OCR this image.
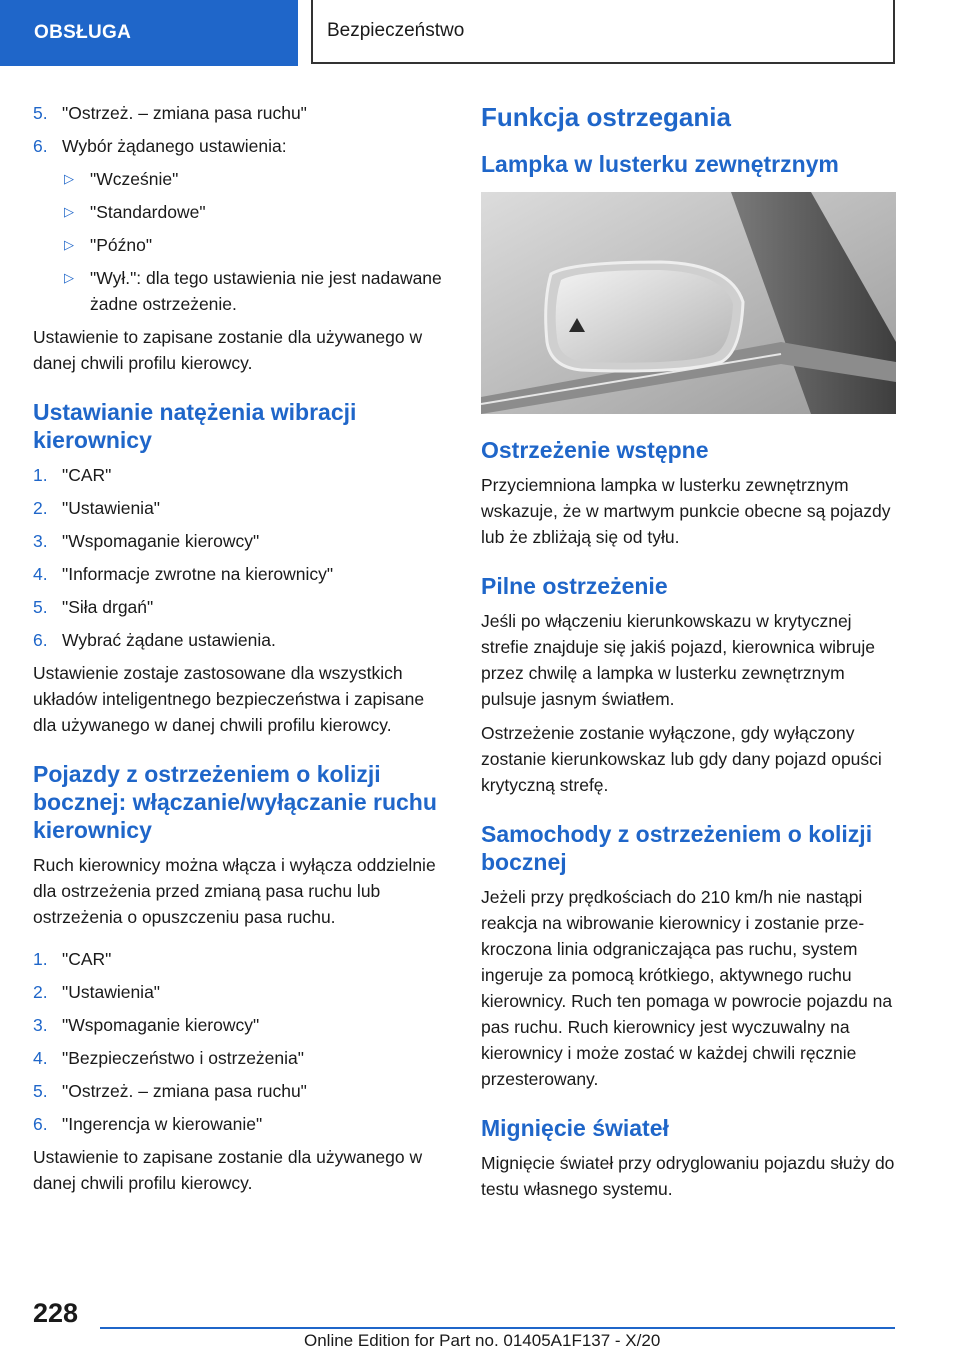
OBSŁUGA	Bezpieczeństwo
5. "Ostrzeż. – zmiana pasa ruchu"
6. Wybór żądanego ustawienia:
▷ "Wcześnie"
▷ "Standardowe"
▷ "Późno"
▷ "Wył.": dla tego ustawienia nie jest nadawane żadne ostrzeżenie.

Ustawienie to zapisane zostanie dla używanego w danej chwili profilu kierowcy.

Ustawianie natężenia wibracji kierownicy
1. "CAR"
2. "Ustawienia"
3. "Wspomaganie kierowcy"
4. "Informacje zwrotne na kierownicy"
5. "Siła drgań"
6. Wybrać żądane ustawienia.

Ustawienie zostaje zastosowane dla wszystkich układów inteligentnego bezpieczeństwa i zapisane dla używanego w danej chwili profilu kierowcy.

Pojazdy z ostrzeżeniem o kolizji bocznej: włączanie/wyłączanie ruchu kierownicy

Ruch kierownicy można włącza i wyłącza oddzielnie dla ostrzeżenia przed zmianą pasa ruchu lub ostrzeżenia o opuszczeniu pasa ruchu.

1. "CAR"
2. "Ustawienia"
3. "Wspomaganie kierowcy"
4. "Bezpieczeństwo i ostrzeżenia"
5. "Ostrzeż. – zmiana pasa ruchu"
6. "Ingerencja w kierowanie"

Ustawienie to zapisane zostanie dla używanego w danej chwili profilu kierowcy.

Funkcja ostrzegania
Lampka w lusterku zewnętrznym
Ostrzeżenie wstępne

Przyciemniona lampka w lusterku zewnętrznym wskazuje, że w martwym punkcie obecne są pojazdy lub że zbliżają się od tyłu.

Pilne ostrzeżenie

Jeśli po włączeniu kierunkowskazu w krytycznej strefie znajduje się jakiś pojazd, kierownica wibruje przez chwilę a lampka w lusterku zewnętrznym pulsuje jasnym światłem.

Ostrzeżenie zostanie wyłączone, gdy wyłączony zostanie kierunkowskaz lub gdy dany pojazd opuści krytyczną strefę.

Samochody z ostrzeżeniem o kolizji bocznej

Jeżeli przy prędkościach do 210 km/h nie nastąpi reakcja na wibrowanie kierownicy i zostanie przekroczona linia odgraniczająca pas ruchu, system ingeruje za pomocą krótkiego, aktywnego ruchu kierownicy. Ruch ten pomaga w powrocie pojazdu na pas ruchu. Ruch kierownicy jest wyczuwalny na kierownicy i może zostać w każdej chwili ręcznie przesterowany.

Mignięcie świateł

Mignięcie świateł przy odryglowaniu pojazdu służy do testu własnego systemu.

228
Online Edition for Part no. 01405A1F137 - X/20
